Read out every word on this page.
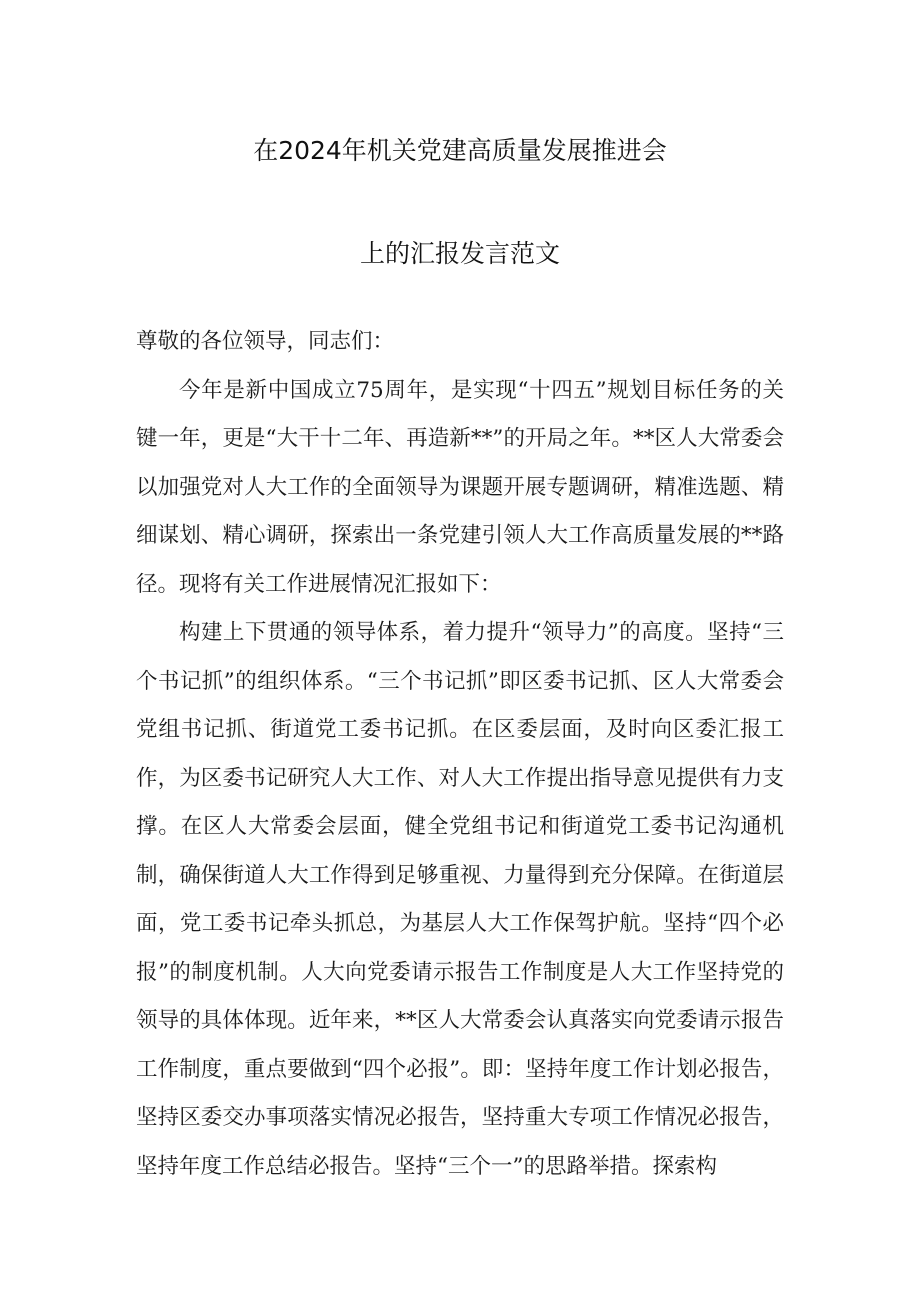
在2024年机关党建高质量发展推进会
上的汇报发言范文

尊敬的各位领导，同志们：

今年是新中国成立75周年，是实现“十四五”规划目标任务的关键一年，更是“大干十二年、再造新**”的开局之年。**区人大常委会以加强党对人大工作的全面领导为课题开展专题调研，精准选题、精细谋划、精心调研，探索出一条党建引领人大工作高质量发展的**路径。现将有关工作进展情况汇报如下：

构建上下贯通的领导体系，着力提升“领导力”的高度。坚持“三个书记抓”的组织体系。“三个书记抓”即区委书记抓、区人大常委会党组书记抓、街道党工委书记抓。在区委层面，及时向区委汇报工作，为区委书记研究人大工作、对人大工作提出指导意见提供有力支撑。在区人大常委会层面，健全党组书记和街道党工委书记沟通机制，确保街道人大工作得到足够重视、力量得到充分保障。在街道层面，党工委书记牵头抓总，为基层人大工作保驾护航。坚持“四个必报”的制度机制。人大向党委请示报告工作制度是人大工作坚持党的领导的具体体现。近年来，**区人大常委会认真落实向党委请示报告工作制度，重点要做到“四个必报”。即：坚持年度工作计划必报告，坚持区委交办事项落实情况必报告，坚持重大专项工作情况必报告，坚持年度工作总结必报告。坚持“三个一”的思路举措。探索构
